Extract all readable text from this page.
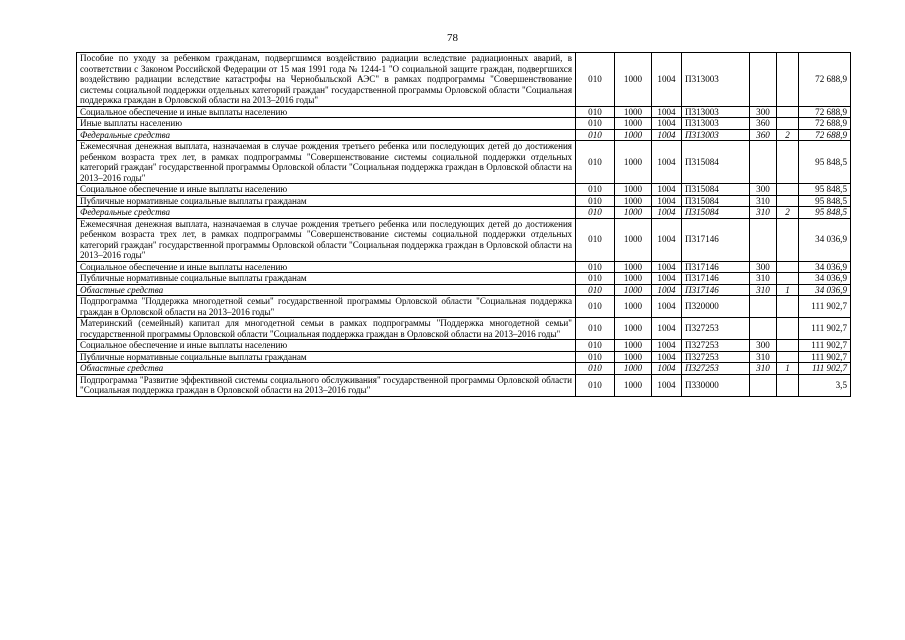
78
Пособие по уходу за ребенком гражданам, подвергшимся воздействию радиации вследствие радиационных аварий, в соответствии с Законом Российской Федерации от 15 мая 1991 года № 1244-1 "О социальной защите граждан, подвергшихся воздействию радиации вследствие катастрофы на Чернобыльской АЭС" в рамках подпрограммы "Совершенствование системы социальной поддержки отдельных категорий граждан" государственной программы Орловской области "Социальная поддержка граждан в Орловской области на 2013–2016 годы"	010	1000	1004	П313003			72 688,9
Социальное обеспечение и иные выплаты населению	010	1000	1004	П313003	300		72 688,9
Иные выплаты населению	010	1000	1004	П313003	360		72 688,9
Федеральные средства	010	1000	1004	П313003	360	2	72 688,9
Ежемесячная денежная выплата, назначаемая в случае рождения третьего ребенка или последующих детей до достижения ребенком возраста трех лет, в рамках подпрограммы "Совершенствование системы социальной поддержки отдельных категорий граждан" государственной программы Орловской области "Социальная поддержка граждан в Орловской области на 2013–2016 годы"	010	1000	1004	П315084			95 848,5
Социальное обеспечение и иные выплаты населению	010	1000	1004	П315084	300		95 848,5
Публичные нормативные социальные выплаты гражданам	010	1000	1004	П315084	310		95 848,5
Федеральные средства	010	1000	1004	П315084	310	2	95 848,5
Ежемесячная денежная выплата, назначаемая в случае рождения третьего ребенка или последующих детей до достижения ребенком возраста трех лет, в рамках подпрограммы "Совершенствование системы социальной поддержки отдельных категорий граждан" государственной программы Орловской области "Социальная поддержка граждан в Орловской области на 2013–2016 годы"	010	1000	1004	П317146			34 036,9
Социальное обеспечение и иные выплаты населению	010	1000	1004	П317146	300		34 036,9
Публичные нормативные социальные выплаты гражданам	010	1000	1004	П317146	310		34 036,9
Областные средства	010	1000	1004	П317146	310	1	34 036,9
Подпрограмма "Поддержка многодетной семьи" государственной программы Орловской области "Социальная поддержка граждан в Орловской области на 2013–2016 годы"	010	1000	1004	П320000			111 902,7
Материнский (семейный) капитал для многодетной семьи в рамках подпрограммы "Поддержка многодетной семьи" государственной программы Орловской области "Социальная поддержка граждан в Орловской области на 2013–2016 годы"	010	1000	1004	П327253			111 902,7
Социальное обеспечение и иные выплаты населению	010	1000	1004	П327253	300		111 902,7
Публичные нормативные социальные выплаты гражданам	010	1000	1004	П327253	310		111 902,7
Областные средства	010	1000	1004	П327253	310	1	111 902,7
Подпрограмма "Развитие эффективной системы социального обслуживания" государственной программы Орловской области "Социальная поддержка граждан в Орловской области на 2013–2016 годы"	010	1000	1004	П330000			3,5
